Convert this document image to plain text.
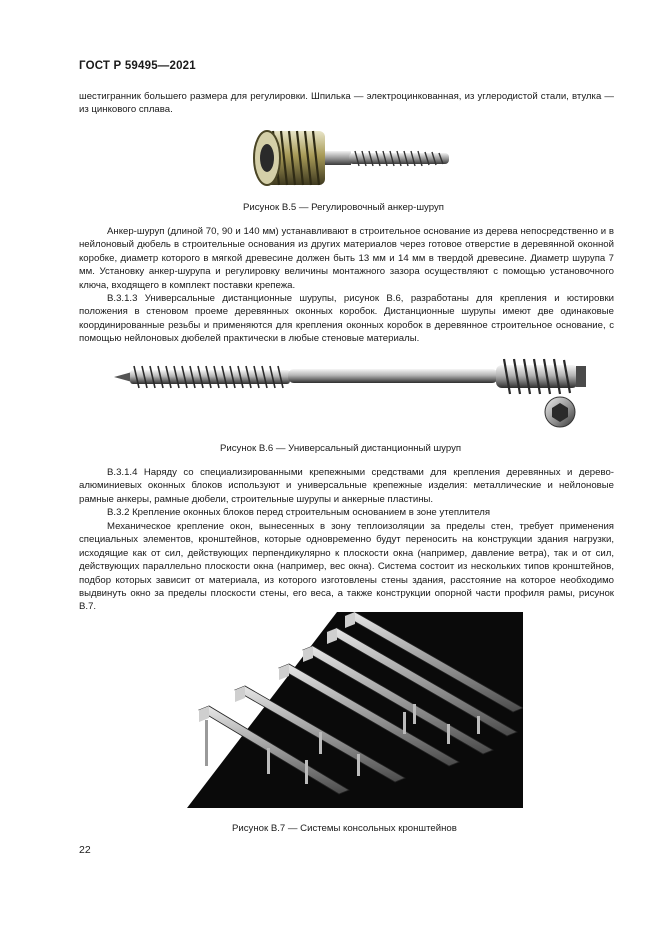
ГОСТ Р 59495—2021

шестигранник большего размера для регулировки. Шпилька — электроцинкованная, из углеродистой стали, втулка — из цинкового сплава.

Рисунок В.5 — Регулировочный анкер-шуруп

Анкер-шуруп (длиной 70, 90 и 140 мм) устанавливают в строительное основание из дерева непосредственно и в нейлоновый дюбель в строительные основания из других материалов через готовое отверстие в деревянной оконной коробке, диаметр которого в мягкой древесине должен быть 13 мм и 14 мм в твердой древесине. Диаметр шурупа 7 мм. Установку анкер-шурупа и регулировку величины монтажного зазора осуществляют с помощью установочного ключа, входящего в комплект поставки крепежа.

В.3.1.3 Универсальные дистанционные шурупы, рисунок В.6, разработаны для крепления и юстировки положения в стеновом проеме деревянных оконных коробок. Дистанционные шурупы имеют две одинаковые координированные резьбы и применяются для крепления оконных коробок в деревянное строительное основание, с помощью нейлоновых дюбелей практически в любые стеновые материалы.

Рисунок В.6 — Универсальный дистанционный шуруп

В.3.1.4 Наряду со специализированными крепежными средствами для крепления деревянных и дерево-алюминиевых оконных блоков используют и универсальные крепежные изделия: металлические и нейлоновые рамные анкеры, рамные дюбели, строительные шурупы и анкерные пластины.

В.3.2 Крепление оконных блоков перед строительным основанием в зоне утеплителя

Механическое крепление окон, вынесенных в зону теплоизоляции за пределы стен, требует применения специальных элементов, кронштейнов, которые одновременно будут переносить на конструкции здания нагрузки, исходящие как от сил, действующих перпендикулярно к плоскости окна (например, давление ветра), так и от сил, действующих параллельно плоскости окна (например, вес окна). Система состоит из нескольких типов кронштейнов, подбор которых зависит от материала, из которого изготовлены стены здания, расстояние на которое необходимо выдвинуть окно за пределы плоскости стены, его веса, а также конструкции опорной части профиля рамы, рисунок В.7.

Рисунок В.7 — Системы консольных кронштейнов
22
